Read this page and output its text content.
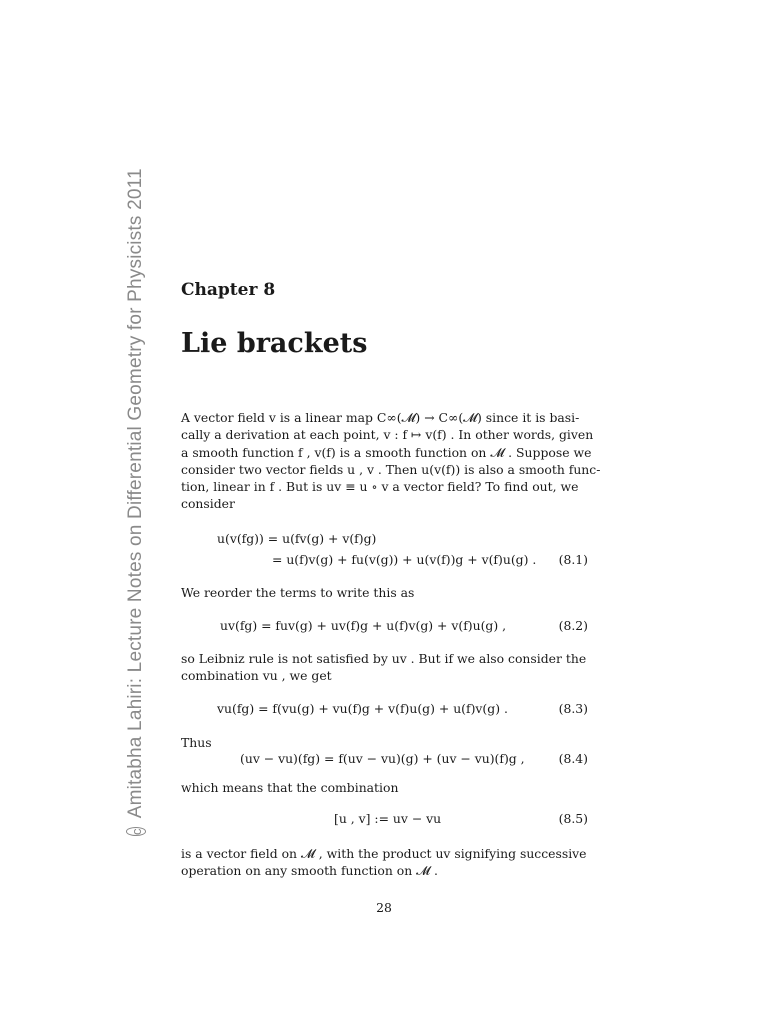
c
Amitabha Lahiri: Lecture Notes on Differential Geometry for Physicists 2011 Chapter 8
Lie brackets
A vector field v is a linear map C∞(𝓜) → C∞(𝓜) since it is basi-
cally a derivation at each point, v : f ↦ v(f) . In other words, given
a smooth function f , v(f) is a smooth function on 𝓜 . Suppose we
consider two vector fields u , v . Then u(v(f)) is also a smooth func-
tion, linear in f . But is uv ≡ u ∘ v a vector field? To find out, we
consider
u(v(fg)) = u(fv(g) + v(f)g)
= u(f)v(g) + fu(v(g)) + u(v(f))g + v(f)u(g) . (8.1)
We reorder the terms to write this as
uv(fg) = fuv(g) + uv(f)g + u(f)v(g) + v(f)u(g) ,	(8.2)
so Leibniz rule is not satisfied by uv . But if we also consider the
combination vu , we get
vu(fg) = f(vu(g) + vu(f)g + v(f)u(g) + u(f)v(g) .	(8.3)
Thus
(uv − vu)(fg) = f(uv − vu)(g) + (uv − vu)(f)g ,	(8.4)
which means that the combination
[u , v] := uv − vu	(8.5)
is a vector field on 𝓜 , with the product uv signifying successive
operation on any smooth function on 𝓜 .
28
